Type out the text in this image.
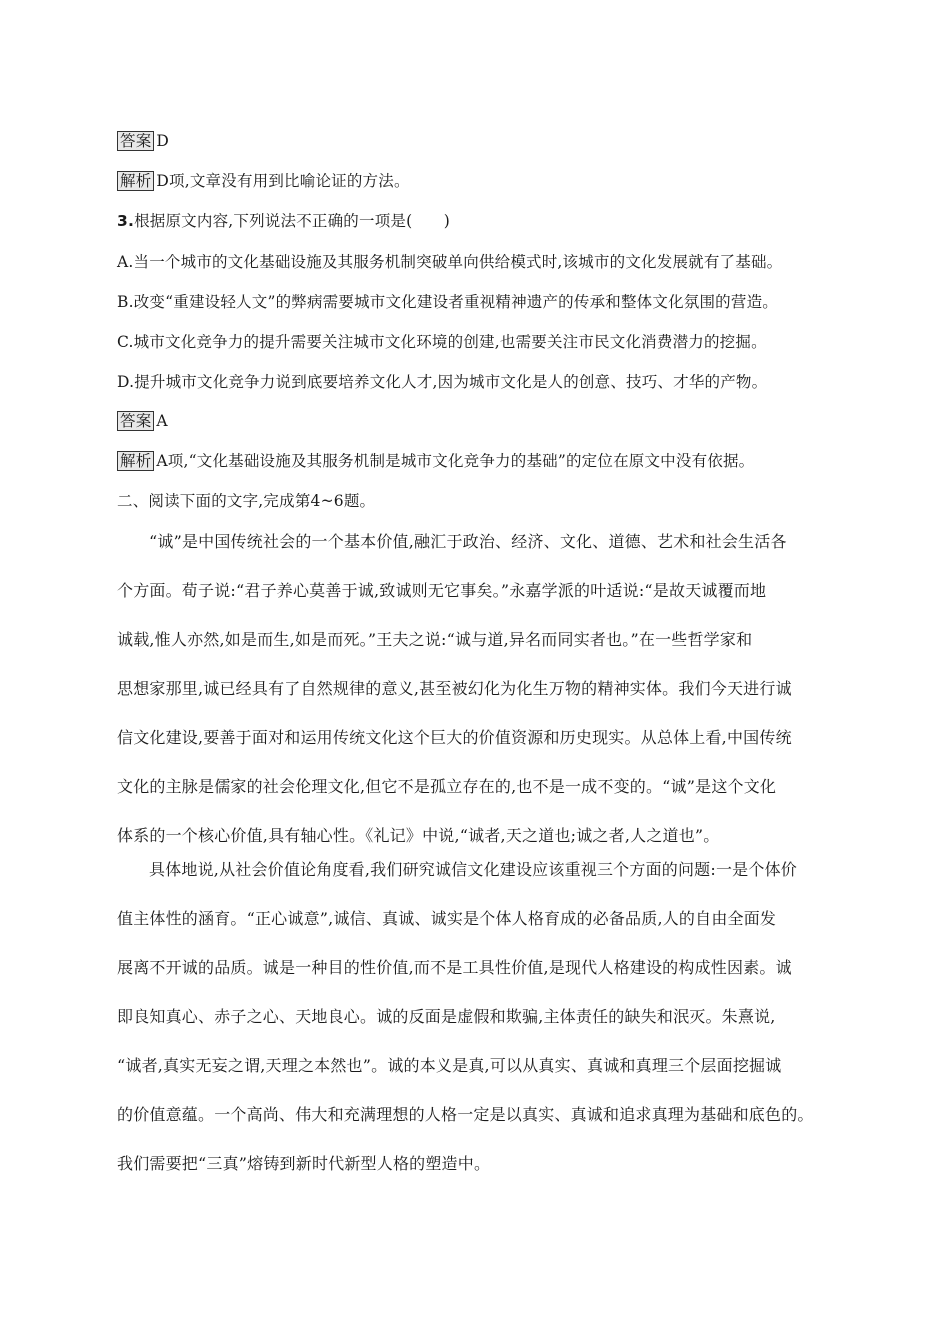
答案 D
解析 D项,文章没有用到比喻论证的方法。
3.根据原文内容,下列说法不正确的一项是(　　)
A.当一个城市的文化基础设施及其服务机制突破单向供给模式时,该城市的文化发展就有了基础。
B.改变“重建设轻人文”的弊病需要城市文化建设者重视精神遗产的传承和整体文化氛围的营造。
C.城市文化竞争力的提升需要关注城市文化环境的创建,也需要关注市民文化消费潜力的挖掘。
D.提升城市文化竞争力说到底要培养文化人才,因为城市文化是人的创意、技巧、才华的产物。
答案 A
解析 A项,“文化基础设施及其服务机制是城市文化竞争力的基础”的定位在原文中没有依据。
二、阅读下面的文字,完成第4~6题。
“诚”是中国传统社会的一个基本价值,融汇于政治、经济、文化、道德、艺术和社会生活各
个方面。荀子说:“君子养心莫善于诚,致诚则无它事矣。”永嘉学派的叶适说:“是故天诚覆而地
诚载,惟人亦然,如是而生,如是而死。”王夫之说:“诚与道,异名而同实者也。”在一些哲学家和
思想家那里,诚已经具有了自然规律的意义,甚至被幻化为化生万物的精神实体。我们今天进行诚
信文化建设,要善于面对和运用传统文化这个巨大的价值资源和历史现实。从总体上看,中国传统
文化的主脉是儒家的社会伦理文化,但它不是孤立存在的,也不是一成不变的。“诚”是这个文化
体系的一个核心价值,具有轴心性。《礼记》中说,“诚者,天之道也;诚之者,人之道也”。
具体地说,从社会价值论角度看,我们研究诚信文化建设应该重视三个方面的问题:一是个体价
值主体性的涵育。“正心诚意”,诚信、真诚、诚实是个体人格育成的必备品质,人的自由全面发
展离不开诚的品质。诚是一种目的性价值,而不是工具性价值,是现代人格建设的构成性因素。诚
即良知真心、赤子之心、天地良心。诚的反面是虚假和欺骗,主体责任的缺失和泯灭。朱熹说,
“诚者,真实无妄之谓,天理之本然也”。诚的本义是真,可以从真实、真诚和真理三个层面挖掘诚
的价值意蕴。一个高尚、伟大和充满理想的人格一定是以真实、真诚和追求真理为基础和底色的。
我们需要把“三真”熔铸到新时代新型人格的塑造中。
